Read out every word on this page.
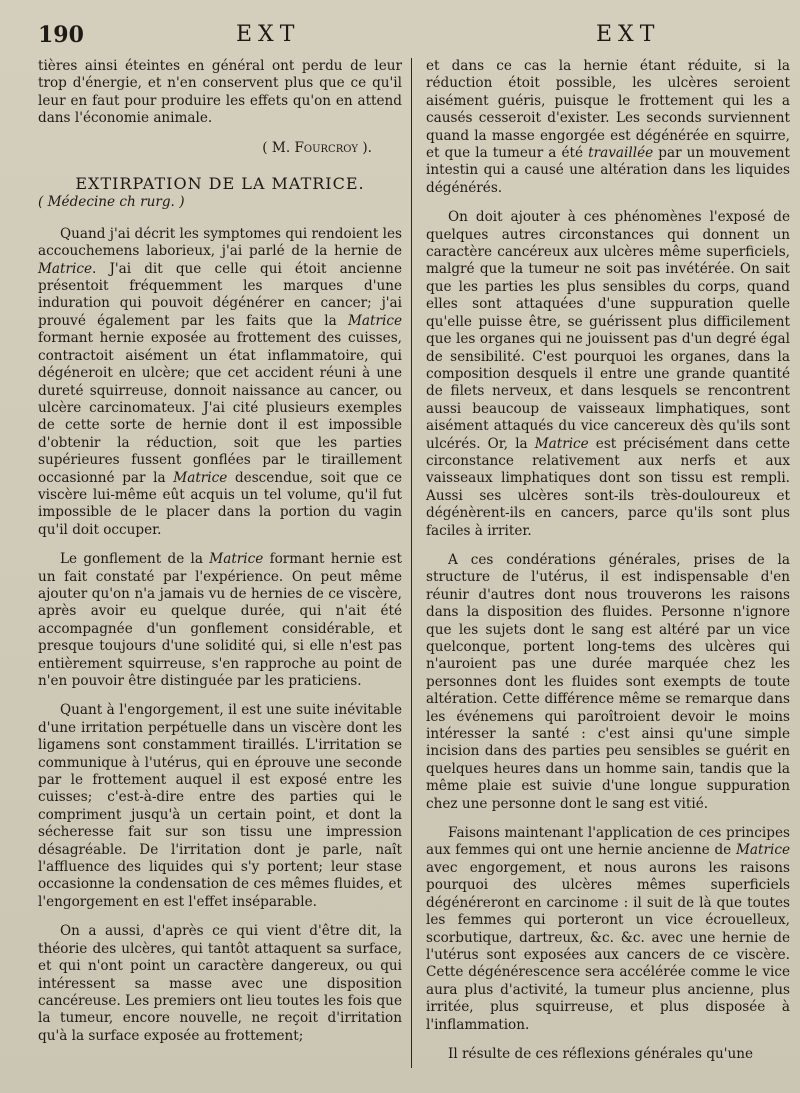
190	EXT	EXT

tières ainsi éteintes en général ont perdu de leur trop d'énergie, et n'en conservent plus que ce qu'il leur en faut pour produire les effets qu'on en attend dans l'économie animale.

( M. Fourcroy ).
EXTIRPATION DE LA MATRICE.
( Médecine ch rurg. )

Quand j'ai décrit les symptomes qui rendoient les accouchemens laborieux, j'ai parlé de la hernie de Matrice. J'ai dit que celle qui étoit ancienne présentoit fréquemment les marques d'une induration qui pouvoit dégénérer en cancer; j'ai prouvé également par les faits que la Matrice formant hernie exposée au frottement des cuisses, contractoit aisément un état inflammatoire, qui dégéneroit en ulcère; que cet accident réuni à une dureté squirreuse, donnoit naissance au cancer, ou ulcère carcinomateux. J'ai cité plusieurs exemples de cette sorte de hernie dont il est impossible d'obtenir la réduction, soit que les parties supérieures fussent gonflées par le tiraillement occasionné par la Matrice descendue, soit que ce viscère lui-même eût acquis un tel volume, qu'il fut impossible de le placer dans la portion du vagin qu'il doit occuper.

Le gonflement de la Matrice formant hernie est un fait constaté par l'expérience. On peut même ajouter qu'on n'a jamais vu de hernies de ce viscère, après avoir eu quelque durée, qui n'ait été accompagnée d'un gonflement considérable, et presque toujours d'une solidité qui, si elle n'est pas entièrement squirreuse, s'en rapproche au point de n'en pouvoir être distinguée par les praticiens.

Quant à l'engorgement, il est une suite inévitable d'une irritation perpétuelle dans un viscère dont les ligamens sont constamment tiraillés. L'irritation se communique à l'utérus, qui en éprouve une seconde par le frottement auquel il est exposé entre les cuisses; c'est-à-dire entre des parties qui le compriment jusqu'à un certain point, et dont la sécheresse fait sur son tissu une impression désagréable. De l'irritation dont je parle, naît l'affluence des liquides qui s'y portent; leur stase occasionne la condensation de ces mêmes fluides, et l'engorgement en est l'effet inséparable.

On a aussi, d'après ce qui vient d'être dit, la théorie des ulcères, qui tantôt attaquent sa surface, et qui n'ont point un caractère dangereux, ou qui intéressent sa masse avec une disposition cancéreuse. Les premiers ont lieu toutes les fois que la tumeur, encore nouvelle, ne reçoit d'irritation qu'à la surface exposée au frottement;

et dans ce cas la hernie étant réduite, si la réduction étoit possible, les ulcères seroient aisément guéris, puisque le frottement qui les a causés cesseroit d'exister. Les seconds surviennent quand la masse engorgée est dégénérée en squirre, et que la tumeur a été travaillée par un mouvement intestin qui a causé une altération dans les liquides dégénérés.

On doit ajouter à ces phénomènes l'exposé de quelques autres circonstances qui donnent un caractère cancéreux aux ulcères même superficiels, malgré que la tumeur ne soit pas invétérée. On sait que les parties les plus sensibles du corps, quand elles sont attaquées d'une suppuration quelle qu'elle puisse être, se guérissent plus difficilement que les organes qui ne jouissent pas d'un degré égal de sensibilité. C'est pourquoi les organes, dans la composition desquels il entre une grande quantité de filets nerveux, et dans lesquels se rencontrent aussi beaucoup de vaisseaux limphatiques, sont aisément attaqués du vice cancereux dès qu'ils sont ulcérés. Or, la Matrice est précisément dans cette circonstance relativement aux nerfs et aux vaisseaux limphatiques dont son tissu est rempli. Aussi ses ulcères sont-ils très-douloureux et dégénèrent-ils en cancers, parce qu'ils sont plus faciles à irriter.

A ces condérations générales, prises de la structure de l'utérus, il est indispensable d'en réunir d'autres dont nous trouverons les raisons dans la disposition des fluides. Personne n'ignore que les sujets dont le sang est altéré par un vice quelconque, portent long-tems des ulcères qui n'auroient pas une durée marquée chez les personnes dont les fluides sont exempts de toute altération. Cette différence même se remarque dans les événemens qui paroîtroient devoir le moins intéresser la santé : c'est ainsi qu'une simple incision dans des parties peu sensibles se guérit en quelques heures dans un homme sain, tandis que la même plaie est suivie d'une longue suppuration chez une personne dont le sang est vitié.

Faisons maintenant l'application de ces principes aux femmes qui ont une hernie ancienne de Matrice avec engorgement, et nous aurons les raisons pourquoi des ulcères mêmes superficiels dégénéreront en carcinome : il suit de là que toutes les femmes qui porteront un vice écrouelleux, scorbutique, dartreux, &c. &c. avec une hernie de l'utérus sont exposées aux cancers de ce viscère. Cette dégénérescence sera accélérée comme le vice aura plus d'activité, la tumeur plus ancienne, plus irritée, plus squirreuse, et plus disposée à l'inflammation.

Il résulte de ces réflexions générales qu'une
